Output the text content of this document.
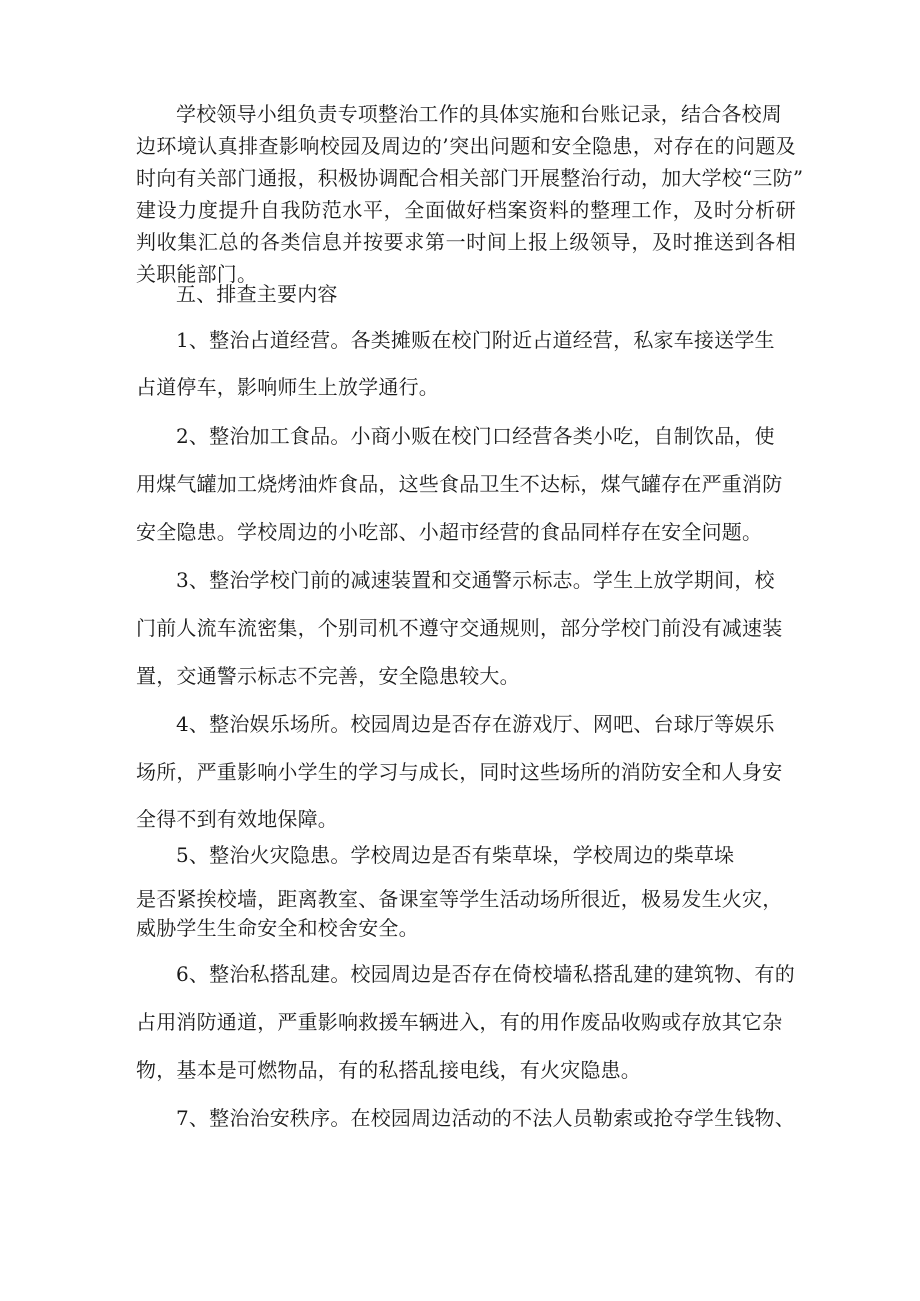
学校领导小组负责专项整治工作的具体实施和台账记录，结合各校周
边环境认真排查影响校园及周边的’突出问题和安全隐患，对存在的问题及
时向有关部门通报，积极协调配合相关部门开展整治行动，加大学校“三防”
建设力度提升自我防范水平，全面做好档案资料的整理工作，及时分析研
判收集汇总的各类信息并按要求第一时间上报上级领导，及时推送到各相
关职能部门。
五、排查主要内容
1、整治占道经营。各类摊贩在校门附近占道经营，私家车接送学生
占道停车，影响师生上放学通行。
2、整治加工食品。小商小贩在校门口经营各类小吃，自制饮品，使
用煤气罐加工烧烤油炸食品，这些食品卫生不达标，煤气罐存在严重消防
安全隐患。学校周边的小吃部、小超市经营的食品同样存在安全问题。
3、整治学校门前的减速装置和交通警示标志。学生上放学期间，校
门前人流车流密集，个别司机不遵守交通规则，部分学校门前没有减速装
置，交通警示标志不完善，安全隐患较大。
4、整治娱乐场所。校园周边是否存在游戏厅、网吧、台球厅等娱乐
场所，严重影响小学生的学习与成长，同时这些场所的消防安全和人身安
全得不到有效地保障。
5、整治火灾隐患。学校周边是否有柴草垛，学校周边的柴草垛
是否紧挨校墙，距离教室、备课室等学生活动场所很近，极易发生火灾，
威胁学生生命安全和校舍安全。
6、整治私搭乱建。校园周边是否存在倚校墙私搭乱建的建筑物、有的
占用消防通道，严重影响救援车辆进入，有的用作废品收购或存放其它杂
物，基本是可燃物品，有的私搭乱接电线，有火灾隐患。
7、整治治安秩序。在校园周边活动的不法人员勒索或抢夺学生钱物、
